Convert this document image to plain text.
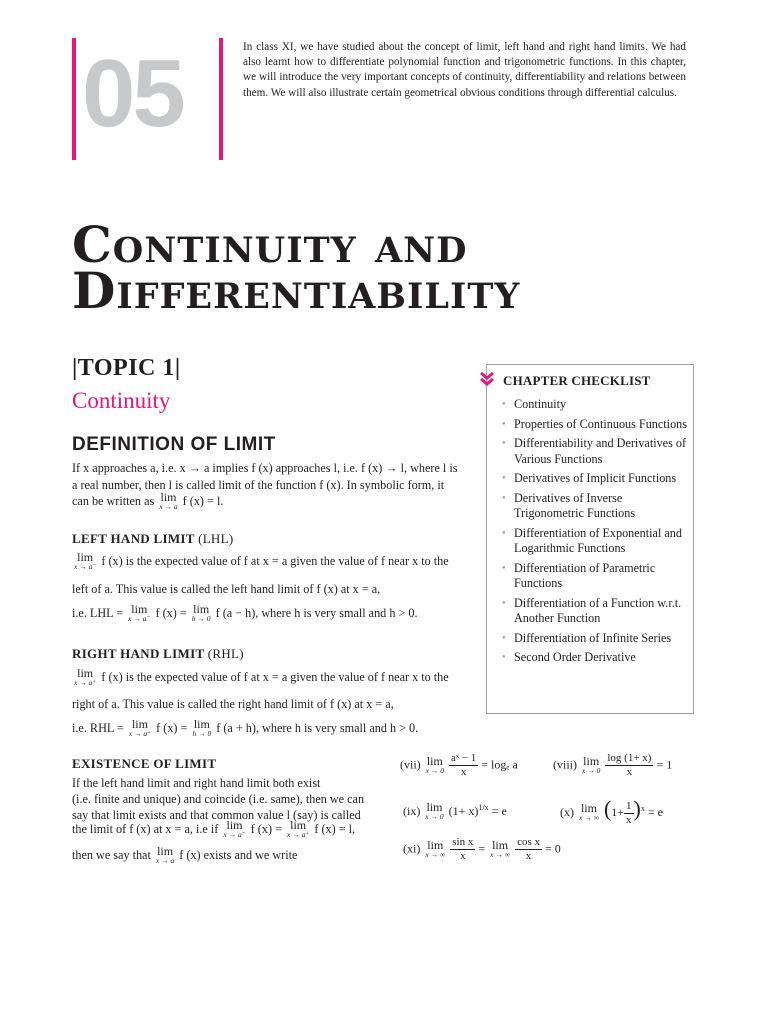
05	In class XI, we have studied about the concept of limit, left hand and right hand limits. We had also learnt how to differentiate polynomial function and trigonometric functions. In this chapter, we will introduce the very important concepts of continuity, differentiability and relations between them. We will also illustrate certain geometrical obvious conditions through differential calculus.
Continuity and
Differentiability
|TOPIC 1|
Continuity
DEFINITION OF LIMIT
If x approaches a, i.e. x → a implies f (x) approaches l, i.e. f (x) → l, where l is
a real number, then l is called limit of the function f (x). In symbolic form, it
can be written as lim
x → a f (x) = l.
LEFT HAND LIMIT (LHL)
lim
x → a⁻ f (x) is the expected value of f at x = a given the value of f near x to the
left of a. This value is called the left hand limit of f (x) at x = a,
i.e. LHL = lim
x → a⁻ f (x) = lim
h → 0 f (a − h), where h is very small and h > 0.
RIGHT HAND LIMIT (RHL)
lim
x → a⁺ f (x) is the expected value of f at x = a given the value of f near x to the
right of a. This value is called the right hand limit of f (x) at x = a,
i.e. RHL = lim
x → a⁺ f (x) = lim
h → 0 f (a + h), where h is very small and h > 0.
EXISTENCE OF LIMIT
If the left hand limit and right hand limit both exist
(i.e. finite and unique) and coincide (i.e. same), then we can
say that limit exists and that common value l (say) is called
the limit of f (x) at x = a, i.e if lim
x → a⁻ f (x) = lim
x → a⁺ f (x) = l,
then we say that lim
x → a f (x) exists and we write
CHAPTER CHECKLIST
● Continuity
● Properties of Continuous Functions
● Differentiability and Derivatives of Various Functions
● Derivatives of Implicit Functions
● Derivatives of Inverse Trigonometric Functions
● Differentiation of Exponential and Logarithmic Functions
● Differentiation of Parametric Functions
● Differentiation of a Function w.r.t. Another Function
● Differentiation of Infinite Series
● Second Order Derivative
(vii) lim
x → 0
$\frac{\text{aˣ − 1}}{x} = \log_e$ a	(viii) lim
x → 0
$\frac{\log (1+ x)}{x} = 1$
(ix) lim
x → 0 $(1+ x)^{1/x} = e$	(x) lim
x → ∞ $(1+ \frac{1}{x} )^x = e$
(xi) lim
x → ∞
$\frac{\text{sin x}}{x} = \lim$
x → ∞
$\frac{\text{cos x}}{x} = 0$
